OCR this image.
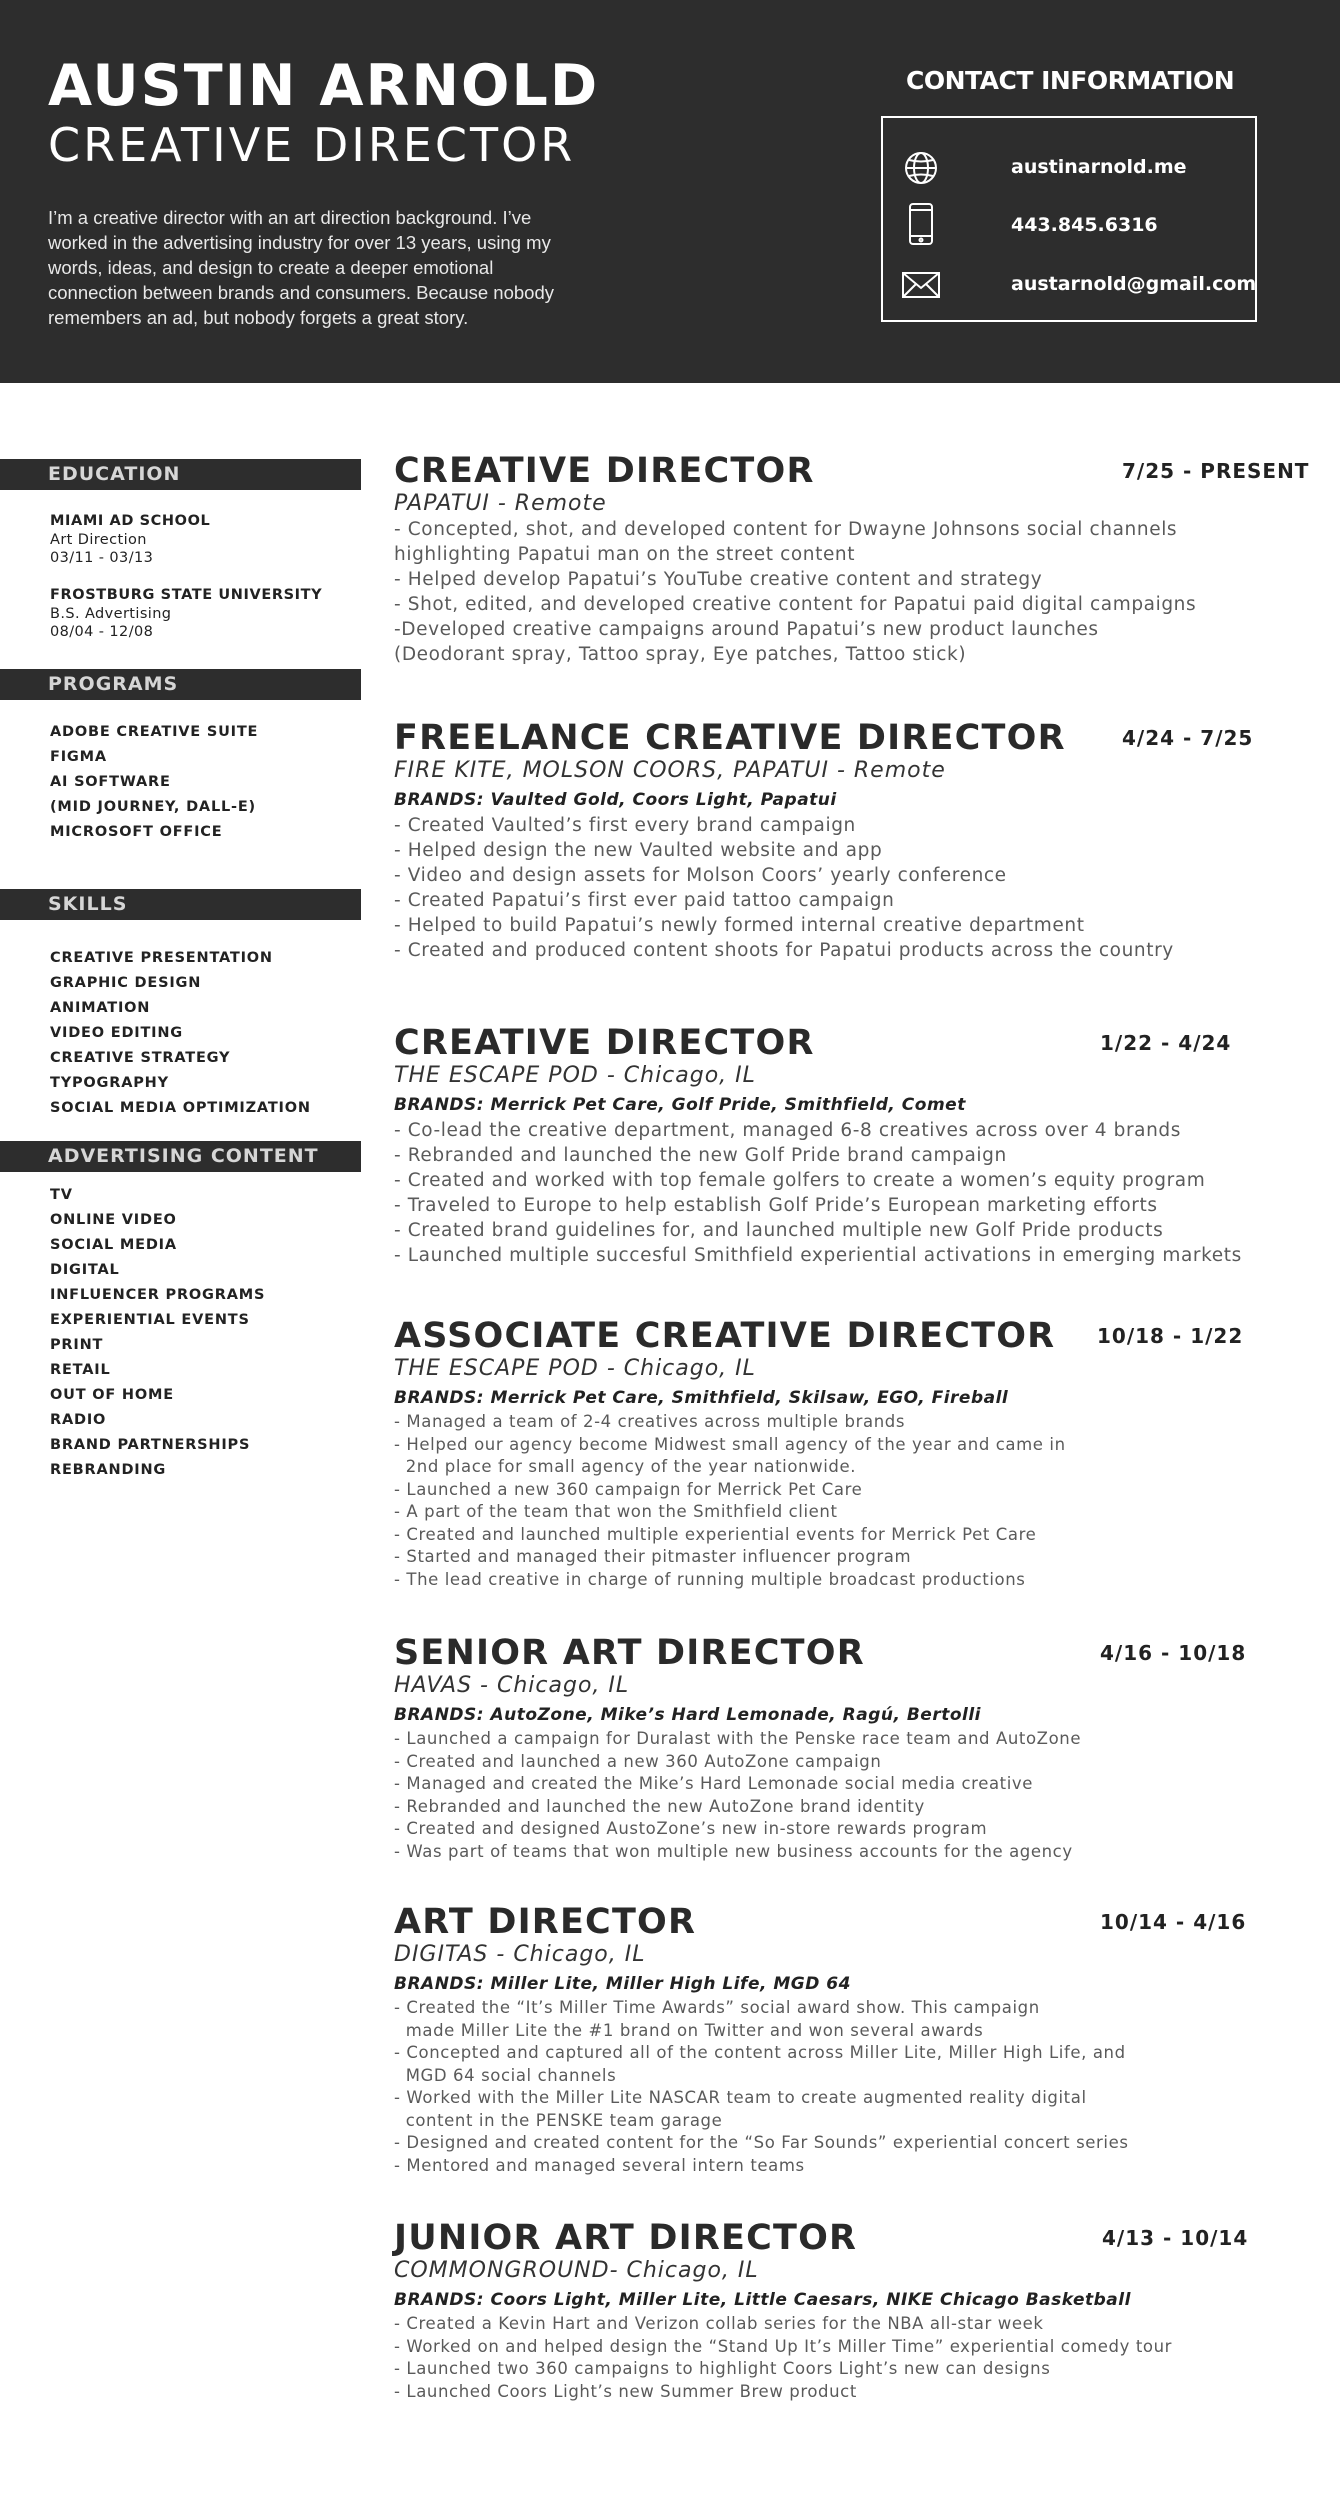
AUSTIN ARNOLD
CREATIVE DIRECTOR
I’m a creative director with an art direction background. I’ve worked in the advertising industry for over 13 years, using my words, ideas, and design to create a deeper emotional connection between brands and consumers. Because nobody remembers an ad, but nobody forgets a great story.
CONTACT INFORMATION
austinarnold.me
443.845.6316
austarnold@gmail.com
EDUCATION
MIAMI AD SCHOOL
Art Direction
03/11 - 03/13
FROSTBURG STATE UNIVERSITY
B.S. Advertising
08/04 - 12/08
PROGRAMS
ADOBE CREATIVE SUITE
FIGMA
AI SOFTWARE
(MID JOURNEY, DALL-E)
MICROSOFT OFFICE
SKILLS
CREATIVE PRESENTATION
GRAPHIC DESIGN
ANIMATION
VIDEO EDITING
CREATIVE STRATEGY
TYPOGRAPHY
SOCIAL MEDIA OPTIMIZATION
ADVERTISING CONTENT
TV
ONLINE VIDEO
SOCIAL MEDIA
DIGITAL
INFLUENCER PROGRAMS
EXPERIENTIAL EVENTS
PRINT
RETAIL
OUT OF HOME
RADIO
BRAND PARTNERSHIPS
REBRANDING
CREATIVE DIRECTOR	7/25 - PRESENT
PAPATUI - Remote
- Concepted, shot, and developed content for Dwayne Johnsons social channels
highlighting Papatui man on the street content
- Helped develop Papatui’s YouTube creative content and strategy
- Shot, edited, and developed creative content for Papatui paid digital campaigns
-Developed creative campaigns around Papatui’s new product launches
(Deodorant spray, Tattoo spray, Eye patches, Tattoo stick)
FREELANCE CREATIVE DIRECTOR	4/24 - 7/25
FIRE KITE, MOLSON COORS, PAPATUI - Remote
BRANDS: Vaulted Gold, Coors Light, Papatui
- Created Vaulted’s first every brand campaign
- Helped design the new Vaulted website and app
- Video and design assets for Molson Coors’ yearly conference
- Created Papatui’s first ever paid tattoo campaign
- Helped to build Papatui’s newly formed internal creative department
- Created and produced content shoots for Papatui products across the country
CREATIVE DIRECTOR	1/22 - 4/24
THE ESCAPE POD - Chicago, IL
BRANDS: Merrick Pet Care, Golf Pride, Smithfield, Comet
- Co-lead the creative department, managed 6-8 creatives across over 4 brands
- Rebranded and launched the new Golf Pride brand campaign
- Created and worked with top female golfers to create a women’s equity program
- Traveled to Europe to help establish Golf Pride’s European marketing efforts
- Created brand guidelines for, and launched multiple new Golf Pride products
- Launched multiple succesful Smithfield experiential activations in emerging markets
ASSOCIATE CREATIVE DIRECTOR	10/18 - 1/22
THE ESCAPE POD - Chicago, IL
BRANDS: Merrick Pet Care, Smithfield, Skilsaw, EGO, Fireball
- Managed a team of 2-4 creatives across multiple brands
- Helped our agency become Midwest small agency of the year and came in
2nd place for small agency of the year nationwide.
- Launched a new 360 campaign for Merrick Pet Care
- A part of the team that won the Smithfield client
- Created and launched multiple experiential events for Merrick Pet Care
- Started and managed their pitmaster influencer program
- The lead creative in charge of running multiple broadcast productions
SENIOR ART DIRECTOR	4/16 - 10/18
HAVAS - Chicago, IL
BRANDS: AutoZone, Mike’s Hard Lemonade, Ragú, Bertolli
- Launched a campaign for Duralast with the Penske race team and AutoZone
- Created and launched a new 360 AutoZone campaign
- Managed and created the Mike’s Hard Lemonade social media creative
- Rebranded and launched the new AutoZone brand identity
- Created and designed AustoZone’s new in-store rewards program
- Was part of teams that won multiple new business accounts for the agency
ART DIRECTOR	10/14 - 4/16
DIGITAS - Chicago, IL
BRANDS: Miller Lite, Miller High Life, MGD 64
- Created the “It’s Miller Time Awards” social award show. This campaign
made Miller Lite the #1 brand on Twitter and won several awards
- Concepted and captured all of the content across Miller Lite, Miller High Life, and
MGD 64 social channels
- Worked with the Miller Lite NASCAR team to create augmented reality digital
content in the PENSKE team garage
- Designed and created content for the “So Far Sounds” experiential concert series
- Mentored and managed several intern teams
JUNIOR ART DIRECTOR	4/13 - 10/14
COMMONGROUND- Chicago, IL
BRANDS: Coors Light, Miller Lite, Little Caesars, NIKE Chicago Basketball
- Created a Kevin Hart and Verizon collab series for the NBA all-star week
- Worked on and helped design the “Stand Up It’s Miller Time” experiential comedy tour
- Launched two 360 campaigns to highlight Coors Light’s new can designs
- Launched Coors Light’s new Summer Brew product
